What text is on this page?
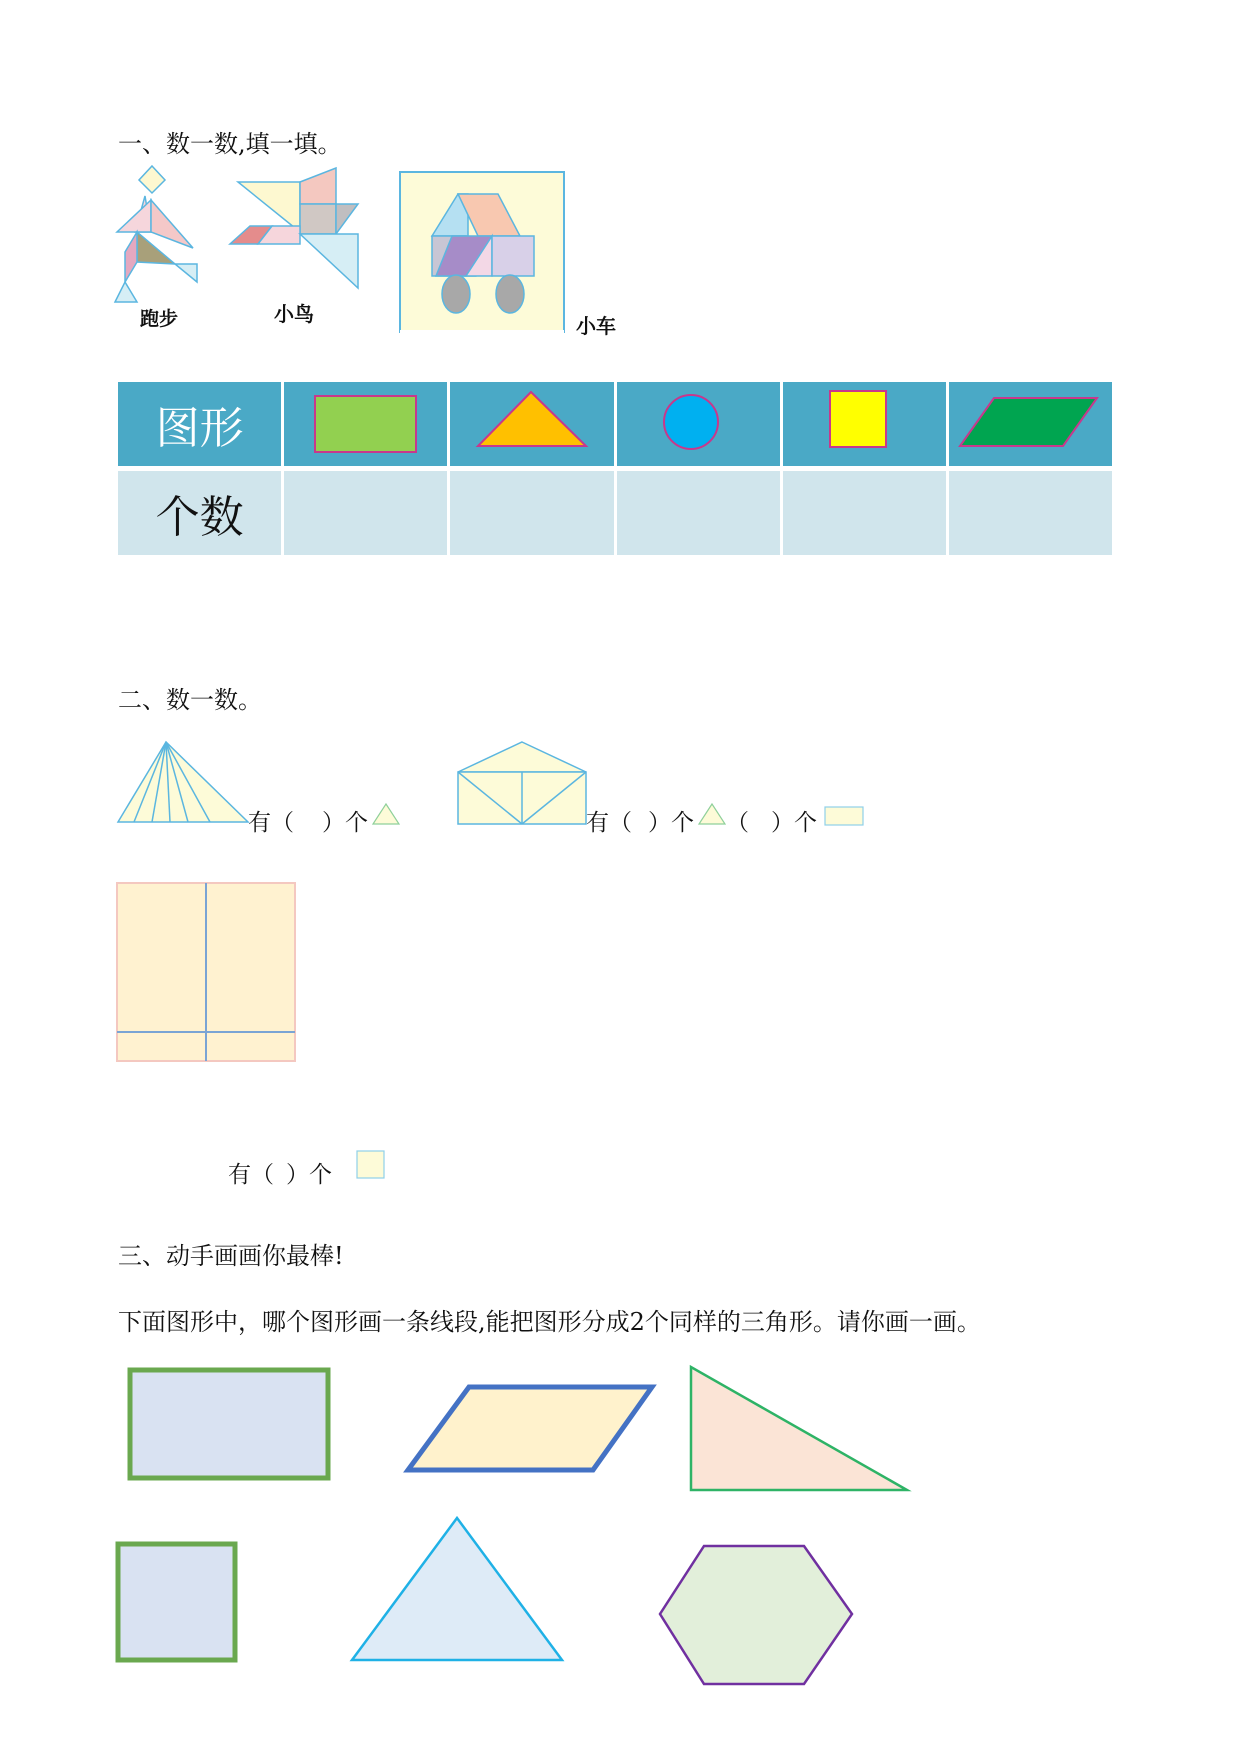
一、数一数,填一填。
跑步	小鸟	小车
图形
个数
二、数一数。
有（ ）个	有（ ）个 （ ）个
有（ ）个
三、动手画画你最棒!
下面图形中，哪个图形画一条线段,能把图形分成2个同样的三角形。请你画一画。
